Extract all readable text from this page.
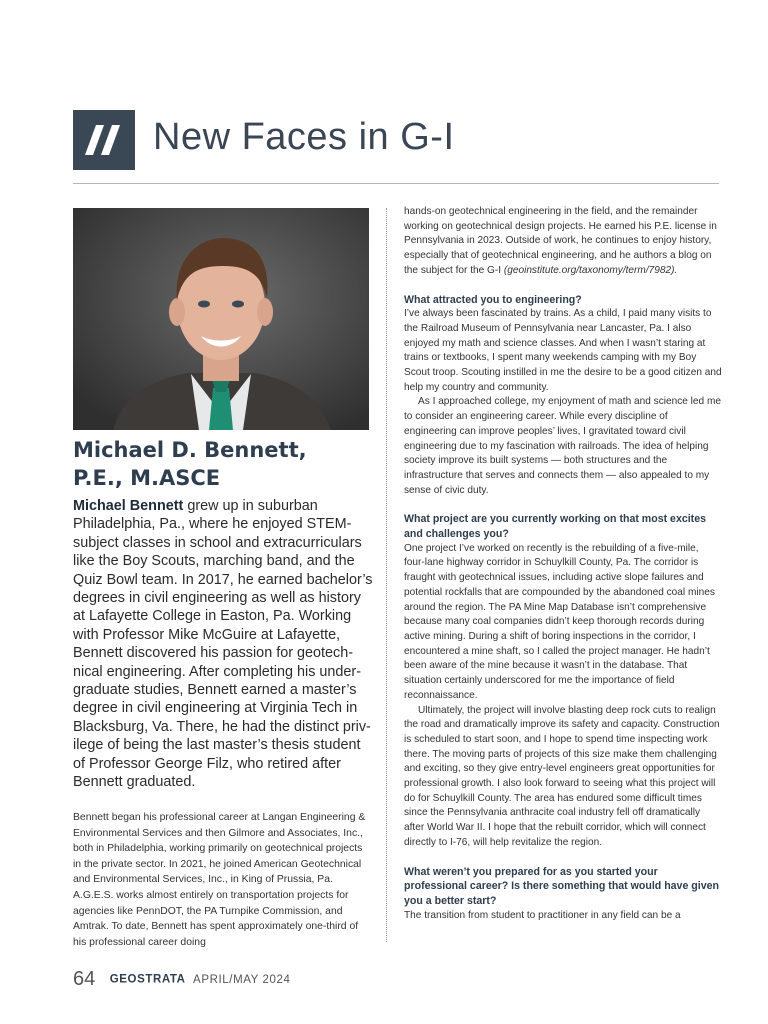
New Faces in G-I
Michael D. Bennett,
P.E., M.ASCE
Michael Bennett grew up in suburban Philadelphia, Pa., where he enjoyed STEM-subject classes in school and extracurriculars like the Boy Scouts, marching band, and the Quiz Bowl team. In 2017, he earned bachelor’s degrees in civil engineering as well as history at Lafayette College in Easton, Pa. Working with Professor Mike McGuire at Lafayette, Bennett discovered his passion for geotechnical engineering. After completing his undergraduate studies, Bennett earned a master’s degree in civil engineering at Virginia Tech in Blacksburg, Va. There, he had the distinct privilege of being the last master’s thesis student of Professor George Filz, who retired after Bennett graduated.
Bennett began his professional career at Langan Engineering & Environmental Services and then Gilmore and Associates, Inc., both in Philadelphia, working primarily on geotechnical projects in the private sector. In 2021, he joined American Geotechnical and Environmental Services, Inc., in King of Prussia, Pa. A.G.E.S. works almost entirely on transportation projects for agencies like PennDOT, the PA Turnpike Commission, and Amtrak. To date, Bennett has spent approximately one-third of his professional career doing

hands-on geotechnical engineering in the field, and the remainder working on geotechnical design projects. He earned his P.E. license in Pennsylvania in 2023. Outside of work, he continues to enjoy history, especially that of geotechnical engineering, and he authors a blog on the subject for the G-I (geoinstitute.org/taxonomy/term/7982).

What attracted you to engineering?

I’ve always been fascinated by trains. As a child, I paid many visits to the Railroad Museum of Pennsylvania near Lancaster, Pa. I also enjoyed my math and science classes. And when I wasn’t staring at trains or textbooks, I spent many weekends camping with my Boy Scout troop. Scouting instilled in me the desire to be a good citizen and help my country and community.

As I approached college, my enjoyment of math and science led me to consider an engineering career. While every discipline of engineering can improve peoples’ lives, I gravitated toward civil engineering due to my fascination with railroads. The idea of helping society improve its built systems — both structures and the infrastructure that serves and connects them — also appealed to my sense of civic duty.

What project are you currently working on that most excites and challenges you?

One project I’ve worked on recently is the rebuilding of a five-mile, four-lane highway corridor in Schuylkill County, Pa. The corridor is fraught with geotechnical issues, including active slope failures and potential rockfalls that are compounded by the abandoned coal mines around the region. The PA Mine Map Database isn’t comprehensive because many coal companies didn’t keep thorough records during active mining. During a shift of boring inspections in the corridor, I encountered a mine shaft, so I called the project manager. He hadn’t been aware of the mine because it wasn’t in the database. That situation certainly underscored for me the importance of field reconnaissance.

Ultimately, the project will involve blasting deep rock cuts to realign the road and dramatically improve its safety and capacity. Construction is scheduled to start soon, and I hope to spend time inspecting work there. The moving parts of projects of this size make them challenging and exciting, so they give entry-level engineers great opportunities for professional growth. I also look forward to seeing what this project will do for Schuylkill County. The area has endured some difficult times since the Pennsylvania anthracite coal industry fell off dramatically after World War II. I hope that the rebuilt corridor, which will connect directly to I-76, will help revitalize the region.

What weren’t you prepared for as you started your professional career? Is there something that would have given you a better start?

The transition from student to practitioner in any field can be a

64 GEOSTRATA APRIL/MAY 2024
